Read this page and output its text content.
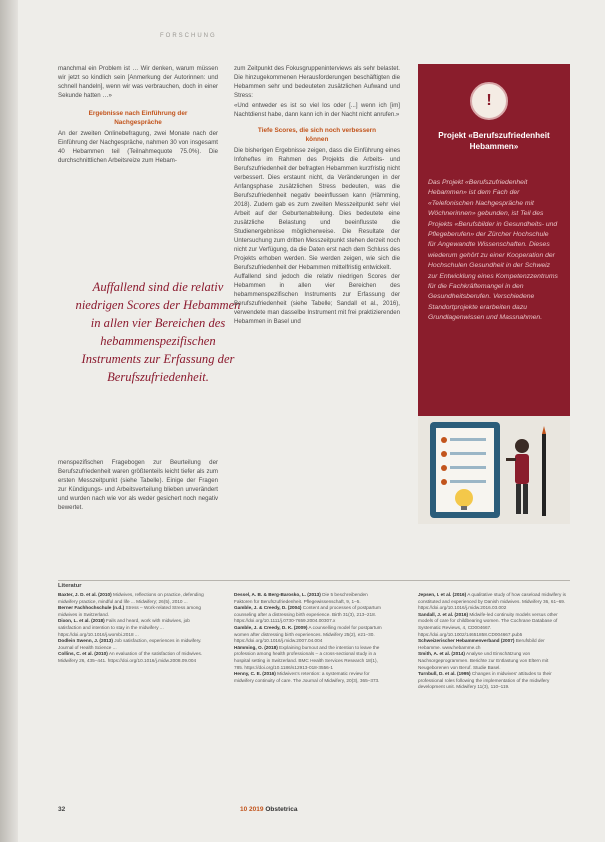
FORSCHUNG

manchmal ein Problem ist … Wir denken, warum müssen wir jetzt so kindlich sein [Anmerkung der Autorinnen: und schnell handeln], wenn wir was verbrauchen, doch in einer Sekunde hatten …»

Ergebnisse nach Einführung der Nachgespräche

An der zweiten Onlinebefragung, zwei Monate nach der Einführung der Nachgespräche, nahmen 30 von insgesamt 40 Hebammen teil (Teilnahmequote 75.0%). Die durchschnittlichen Arbeitsreize zum Hebam-

Auffallend sind die relativ niedrigen Scores der Hebammen in allen vier Bereichen des hebammenspezifischen Instruments zur Erfassung der Berufszufriedenheit.

menspezifischen Fragebogen zur Beurteilung der Berufszufriedenheit waren größtenteils leicht tiefer als zum ersten Messzeitpunkt (siehe Tabelle). Einige der Fragen zur Kündigungs- und Arbeitsverteilung blieben unverändert und wurden nach wie vor als weder gesichert noch negativ bewertet.

zum Zeitpunkt des Fokusgruppeninterviews als sehr belastet. Die hinzugekommenen Herausforderungen beschäftigten die Hebammen sehr und bedeuteten zusätzlichen Aufwand und Stress:

«Und entweder es ist so viel los oder [...] wenn ich [im] Nachtdienst habe, dann kann ich in der Nacht nicht anrufen.»

Tiefe Scores, die sich noch verbessern können

Die bisherigen Ergebnisse zeigen, dass die Einführung eines Infoheftes im Rahmen des Projekts die Arbeits- und Berufszufriedenheit der befragten Hebammen kurzfristig nicht verbessert. Dies erstaunt nicht, da Veränderungen in der Anfangsphase zusätzlichen Stress bedeuten, was die Berufszufriedenheit negativ beeinflussen kann (Hämming, 2018). Zudem gab es zum zweiten Messzeitpunkt sehr viel Arbeit auf der Geburtenabteilung. Dies bedeutete eine zusätzliche Belastung und beeinflusste die Studienergebnisse möglicherweise. Die Resultate der Untersuchung zum dritten Messzeitpunkt stehen derzeit noch nicht zur Verfügung, da die Daten erst nach dem Schluss des Projekts erhoben werden. Sie werden zeigen, wie sich die Berufszufriedenheit der Hebammen mittelfristig entwickelt.

Auffallend sind jedoch die relativ niedrigen Scores der Hebammen in allen vier Bereichen des hebammenspezifischen Instruments zur Erfassung der Berufszufriedenheit (siehe Tabelle; Sandall et al., 2016), verwendete man dasselbe Instrument mit frei praktizierenden Hebammen in Basel und

!
Projekt «Berufszufriedenheit Hebammen»
Das Projekt «Berufszufriedenheit Hebammen» ist dem Fach der «Telefonischen Nachgespräche mit Wöchnerinnen» gebunden, ist Teil des Projekts «Berufsbilder in Gesundheits- und Pflegeberufen» der Zürcher Hochschule für Angewandte Wissenschaften. Dieses wiederum gehört zu einer Kooperation der Hochschulen Gesundheit in der Schweiz zur Entwicklung eines Kompetenzzentrums für die Fachkräftemangel in den Gesundheitsberufen. Verschiedene Standortprojekte erarbeiten dazu Grundlagenwissen und Massnahmen.
Literatur
Baxter, J. D. et al. (2010) Midwives, reflections on practice, defending midwifery practice, mindful and life ... Midwifery; 26(5), 2010 ...
Berner Fachhochschule (n.d.) Stress – Work-related Stress among midwives in Switzerland.
Dixon, L. et al. (2018) Fails and heard, work with midwives, job satisfaction and intention to stay in the midwifery ... https://doi.org/10.1016/j.wombi.2018 ...
Dodlein Swenn, J. (2013) Job satisfaction, experiences in midwifery. Journal of Health Science ...
Collins, C. et al. (2010) An evaluation of the satisfaction of midwives. Midwifery 26, 435–441. https://doi.org/10.1016/j.midw.2008.09.004
Dessel, A. B. & Berg-Barosko, L. (2013) Die 5 beschreibenden Faktoren für Berufszufriedenheit. Pflegewissenschaft, 9, 1–5.
Gamble, J. & Creedy, D. (2004) Content and processes of postpartum counseling after a distressing birth experience. Birth 31(3), 213–218. https://doi.org/10.1111/j.0730-7659.2004.00307.x
Gamble, J. & Creedy, D. K. (2009) A counselling model for postpartum women after distressing birth experiences. Midwifery 25(2), e21–30. https://doi.org/10.1016/j.midw.2007.04.004
Hämming, O. (2018) Explaining burnout and the intention to leave the profession among health professionals – a cross-sectional study in a hospital setting in Switzerland. BMC Health Services Research 18(1), 785. https://doi.org/10.1186/s12913-018-3556-1
Henny, C. E. (2016) Midwives's retention: a systematic review for midwifery continuity of care. The Journal of Midwifery, 20(3), 365–373.
Jepsen, I. et al. (2016) A qualitative study of how caseload midwifery is constituted and experienced by Danish midwives. Midwifery 36, 61–69. https://doi.org/10.1016/j.midw.2016.03.002
Sandall, J. et al. (2016) Midwife-led continuity models versus other models of care for childbearing women. The Cochrane Database of Systematic Reviews, 4, CD004667. https://doi.org/10.1002/14651858.CD004667.pub5
Schweizerischer Hebammenverband (2007) Berufsbild der Hebamme. www.hebamme.ch
Smith, A. et al. (2014) Analyse und Einschätzung von Nachsorgeprogrammen. Berichte zur Entlastung von Eltern mit Neugeborenen von Beruf. Studie Basel.
Turnbull, D. et al. (1995) Changes in midwives' attitudes to their professional roles following the implementation of the midwifery development unit. Midwifery 11(3), 110–119.
32	10 2019 Obstetrica
